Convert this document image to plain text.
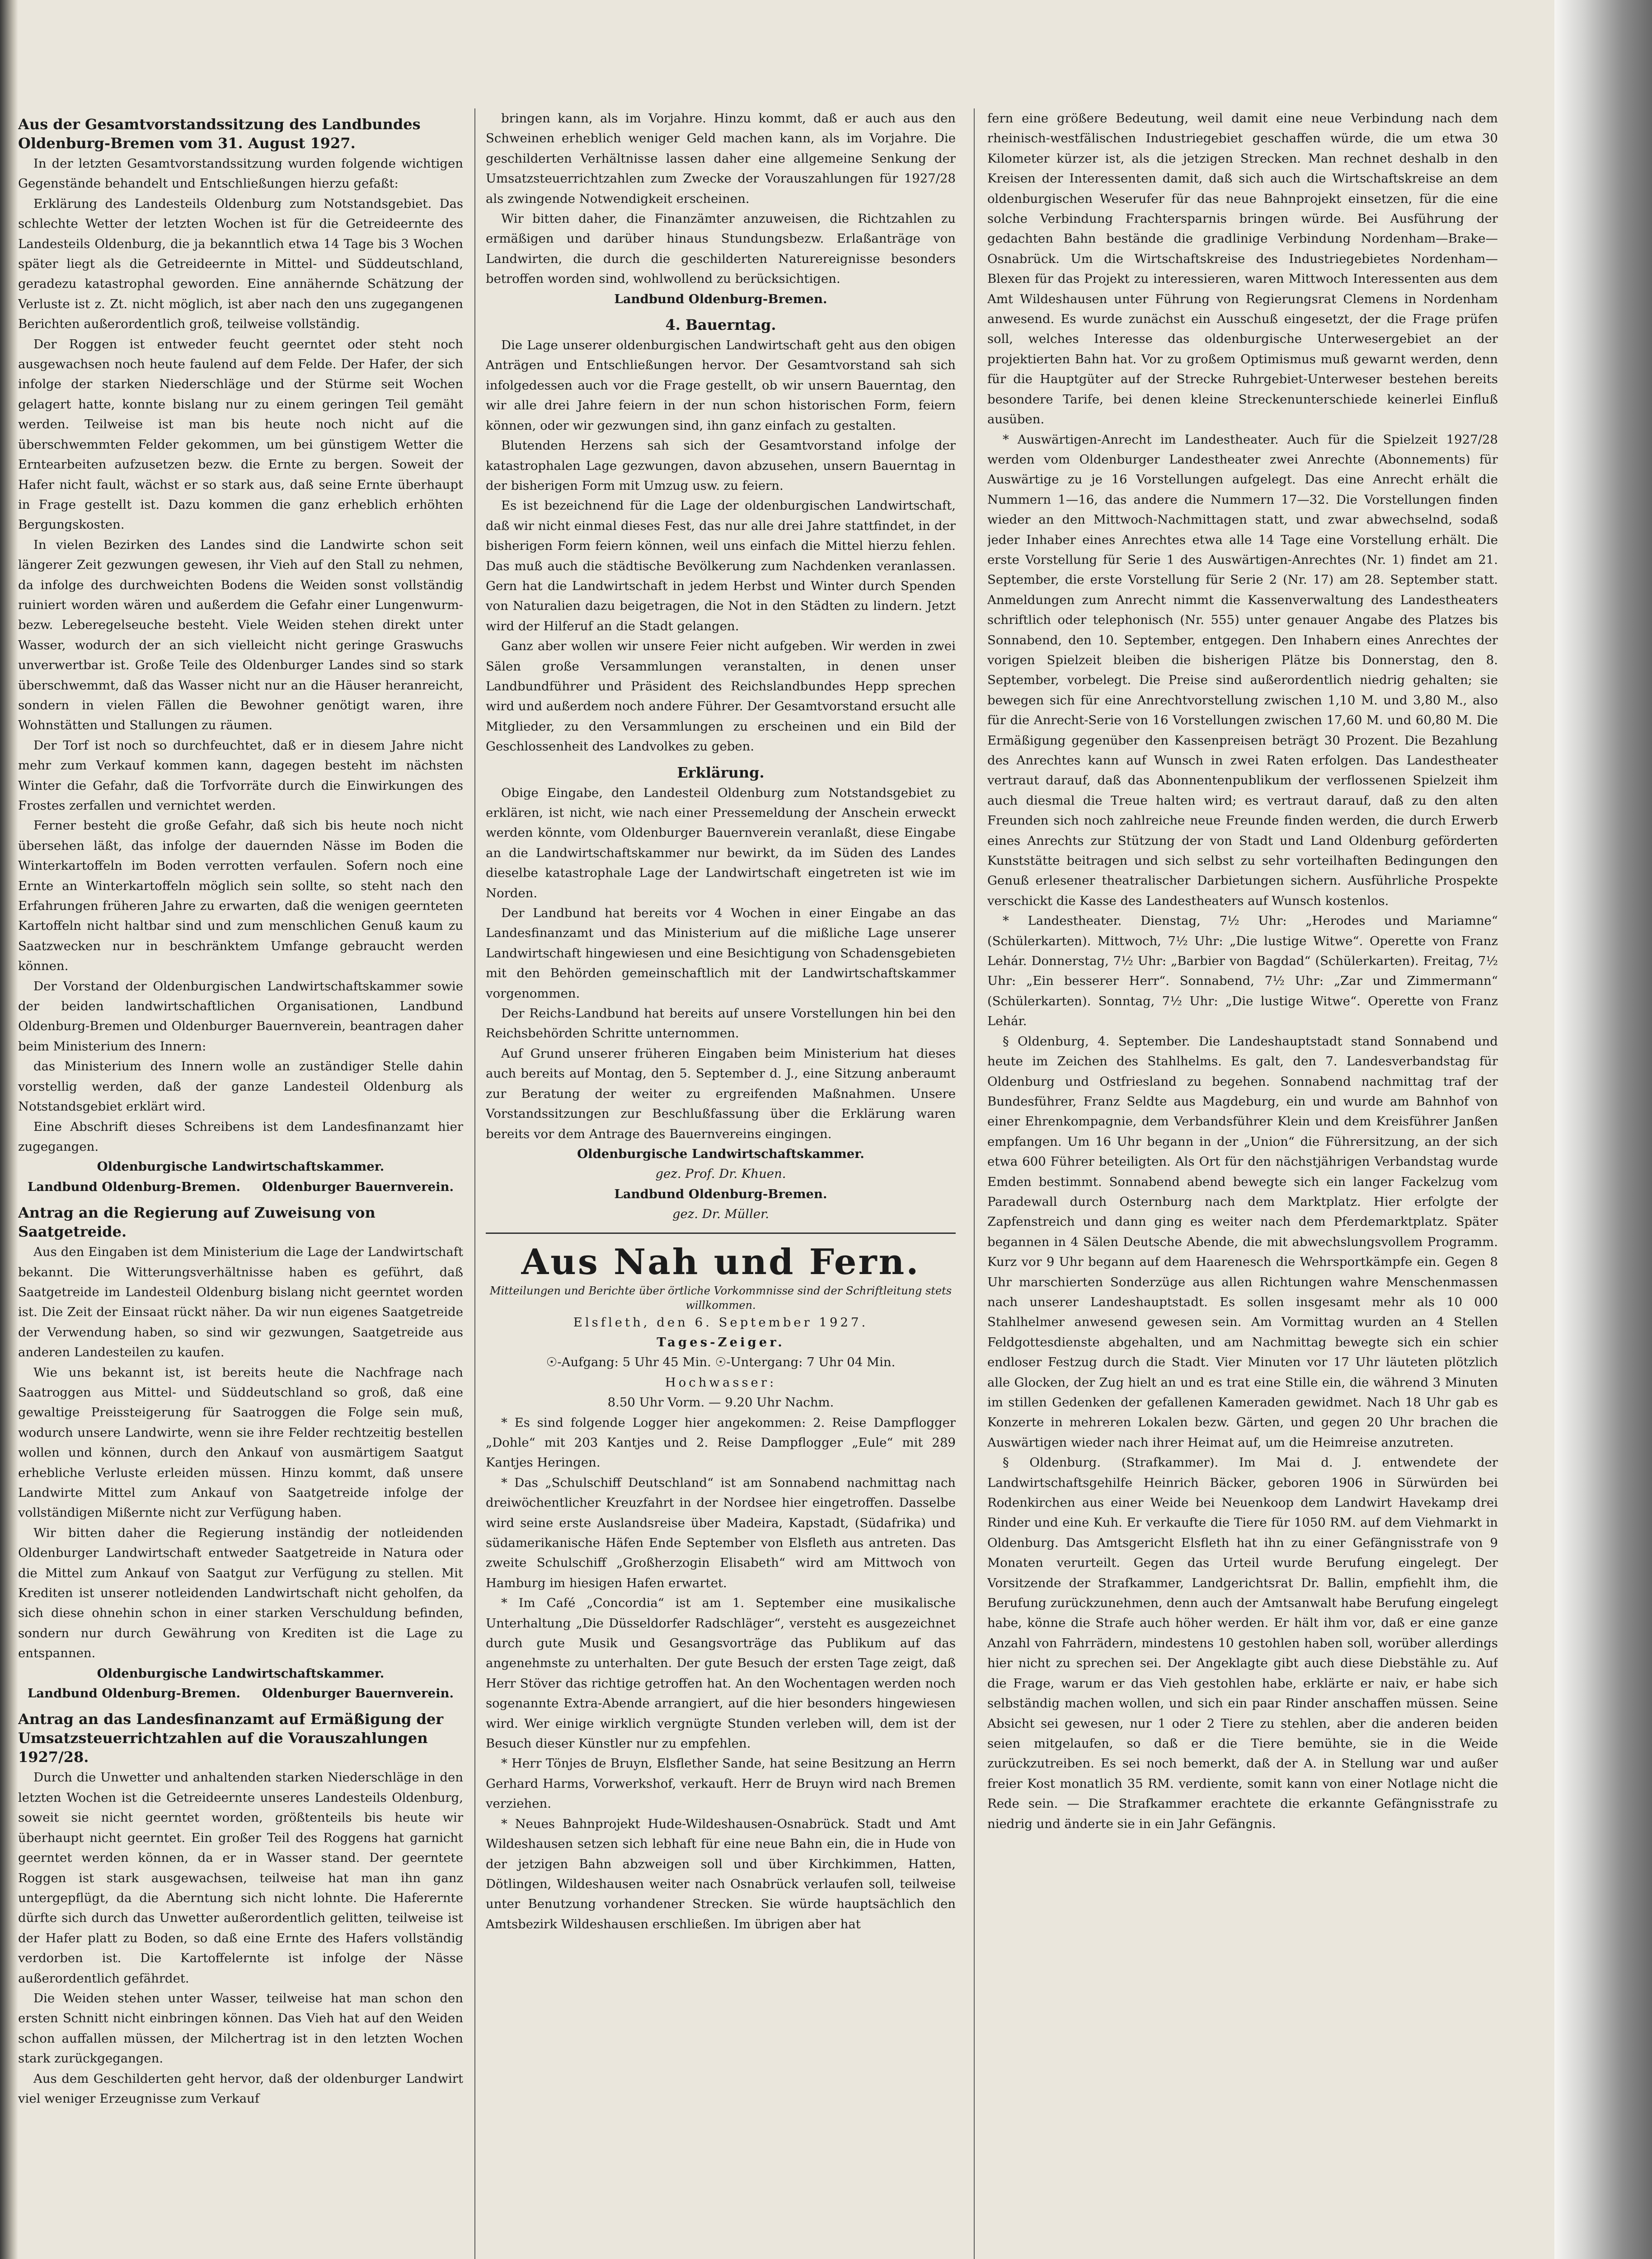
Aus der Gesamtvorstandssitzung des Landbundes Oldenburg-Bremen vom 31. August 1927.

In der letzten Gesamtvorstandssitzung wurden folgende wichtigen Gegenstände behandelt und Entschließungen hierzu gefaßt:

Erklärung des Landesteils Oldenburg zum Notstandsgebiet. Das schlechte Wetter der letzten Wochen ist für die Getreideernte des Landesteils Oldenburg, die ja bekanntlich etwa 14 Tage bis 3 Wochen später liegt als die Getreideernte in Mittel- und Süddeutschland, geradezu katastrophal geworden. Eine annähernde Schätzung der Verluste ist z. Zt. nicht möglich, ist aber nach den uns zugegangenen Berichten außerordentlich groß, teilweise vollständig.

Der Roggen ist entweder feucht geerntet oder steht noch ausgewachsen noch heute faulend auf dem Felde. Der Hafer, der sich infolge der starken Niederschläge und der Stürme seit Wochen gelagert hatte, konnte bislang nur zu einem geringen Teil gemäht werden. Teilweise ist man bis heute noch nicht auf die überschwemmten Felder gekommen, um bei günstigem Wetter die Erntearbeiten aufzusetzen bezw. die Ernte zu bergen. Soweit der Hafer nicht fault, wächst er so stark aus, daß seine Ernte überhaupt in Frage gestellt ist. Dazu kommen die ganz erheblich erhöhten Bergungskosten.

In vielen Bezirken des Landes sind die Landwirte schon seit längerer Zeit gezwungen gewesen, ihr Vieh auf den Stall zu nehmen, da infolge des durchweichten Bodens die Weiden sonst vollständig ruiniert worden wären und außerdem die Gefahr einer Lungenwurm- bezw. Leberegelseuche besteht. Viele Weiden stehen direkt unter Wasser, wodurch der an sich vielleicht nicht geringe Graswuchs unverwertbar ist. Große Teile des Oldenburger Landes sind so stark überschwemmt, daß das Wasser nicht nur an die Häuser heranreicht, sondern in vielen Fällen die Bewohner genötigt waren, ihre Wohnstätten und Stallungen zu räumen.

Der Torf ist noch so durchfeuchtet, daß er in diesem Jahre nicht mehr zum Verkauf kommen kann, dagegen besteht im nächsten Winter die Gefahr, daß die Torfvorräte durch die Einwirkungen des Frostes zerfallen und vernichtet werden.

Ferner besteht die große Gefahr, daß sich bis heute noch nicht übersehen läßt, das infolge der dauernden Nässe im Boden die Winterkartoffeln im Boden verrotten verfaulen. Sofern noch eine Ernte an Winterkartoffeln möglich sein sollte, so steht nach den Erfahrungen früheren Jahre zu erwarten, daß die wenigen geernteten Kartoffeln nicht haltbar sind und zum menschlichen Genuß kaum zu Saatzwecken nur in beschränktem Umfange gebraucht werden können.

Der Vorstand der Oldenburgischen Landwirtschaftskammer sowie der beiden landwirtschaftlichen Organisationen, Landbund Oldenburg-Bremen und Oldenburger Bauernverein, beantragen daher beim Ministerium des Innern:

das Ministerium des Innern wolle an zuständiger Stelle dahin vorstellig werden, daß der ganze Landesteil Oldenburg als Notstandsgebiet erklärt wird.

Eine Abschrift dieses Schreibens ist dem Landesfinanzamt hier zugegangen.

Oldenburgische Landwirtschaftskammer.

Landbund Oldenburg-Bremen. Oldenburger Bauernverein.

Antrag an die Regierung auf Zuweisung von Saatgetreide.

Aus den Eingaben ist dem Ministerium die Lage der Landwirtschaft bekannt. Die Witterungsverhältnisse haben es geführt, daß Saatgetreide im Landesteil Oldenburg bislang nicht geerntet worden ist. Die Zeit der Einsaat rückt näher. Da wir nun eigenes Saatgetreide der Verwendung haben, so sind wir gezwungen, Saatgetreide aus anderen Landesteilen zu kaufen.

Wie uns bekannt ist, ist bereits heute die Nachfrage nach Saatroggen aus Mittel- und Süddeutschland so groß, daß eine gewaltige Preissteigerung für Saatroggen die Folge sein muß, wodurch unsere Landwirte, wenn sie ihre Felder rechtzeitig bestellen wollen und können, durch den Ankauf von ausmärtigem Saatgut erhebliche Verluste erleiden müssen. Hinzu kommt, daß unsere Landwirte Mittel zum Ankauf von Saatgetreide infolge der vollständigen Mißernte nicht zur Verfügung haben.

Wir bitten daher die Regierung inständig der notleidenden Oldenburger Landwirtschaft entweder Saatgetreide in Natura oder die Mittel zum Ankauf von Saatgut zur Verfügung zu stellen. Mit Krediten ist unserer notleidenden Landwirtschaft nicht geholfen, da sich diese ohnehin schon in einer starken Verschuldung befinden, sondern nur durch Gewährung von Krediten ist die Lage zu entspannen.

Oldenburgische Landwirtschaftskammer.

Landbund Oldenburg-Bremen. Oldenburger Bauernverein.

Antrag an das Landesfinanzamt auf Ermäßigung der Umsatzsteuerrichtzahlen auf die Vorauszahlungen 1927/28.

Durch die Unwetter und anhaltenden starken Niederschläge in den letzten Wochen ist die Getreideernte unseres Landesteils Oldenburg, soweit sie nicht geerntet worden, größtenteils bis heute wir überhaupt nicht geerntet. Ein großer Teil des Roggens hat garnicht geerntet werden können, da er in Wasser stand. Der geerntete Roggen ist stark ausgewachsen, teilweise hat man ihn ganz untergepflügt, da die Aberntung sich nicht lohnte. Die Haferernte dürfte sich durch das Unwetter außerordentlich gelitten, teilweise ist der Hafer platt zu Boden, so daß eine Ernte des Hafers vollständig verdorben ist. Die Kartoffelernte ist infolge der Nässe außerordentlich gefährdet.

Die Weiden stehen unter Wasser, teilweise hat man schon den ersten Schnitt nicht einbringen können. Das Vieh hat auf den Weiden schon auffallen müssen, der Milchertrag ist in den letzten Wochen stark zurückgegangen.

Aus dem Geschilderten geht hervor, daß der oldenburger Landwirt viel weniger Erzeugnisse zum Verkauf

bringen kann, als im Vorjahre. Hinzu kommt, daß er auch aus den Schweinen erheblich weniger Geld machen kann, als im Vorjahre. Die geschilderten Verhältnisse lassen daher eine allgemeine Senkung der Umsatzsteuerrichtzahlen zum Zwecke der Vorauszahlungen für 1927/28 als zwingende Notwendigkeit erscheinen.

Wir bitten daher, die Finanzämter anzuweisen, die Richtzahlen zu ermäßigen und darüber hinaus Stundungsbezw. Erlaßanträge von Landwirten, die durch die geschilderten Naturereignisse besonders betroffen worden sind, wohlwollend zu berücksichtigen.

Landbund Oldenburg-Bremen.

4. Bauerntag.

Die Lage unserer oldenburgischen Landwirtschaft geht aus den obigen Anträgen und Entschließungen hervor. Der Gesamtvorstand sah sich infolgedessen auch vor die Frage gestellt, ob wir unsern Bauerntag, den wir alle drei Jahre feiern in der nun schon historischen Form, feiern können, oder wir gezwungen sind, ihn ganz einfach zu gestalten.

Blutenden Herzens sah sich der Gesamtvorstand infolge der katastrophalen Lage gezwungen, davon abzusehen, unsern Bauerntag in der bisherigen Form mit Umzug usw. zu feiern.

Es ist bezeichnend für die Lage der oldenburgischen Landwirtschaft, daß wir nicht einmal dieses Fest, das nur alle drei Jahre stattfindet, in der bisherigen Form feiern können, weil uns einfach die Mittel hierzu fehlen. Das muß auch die städtische Bevölkerung zum Nachdenken veranlassen. Gern hat die Landwirtschaft in jedem Herbst und Winter durch Spenden von Naturalien dazu beigetragen, die Not in den Städten zu lindern. Jetzt wird der Hilferuf an die Stadt gelangen.

Ganz aber wollen wir unsere Feier nicht aufgeben. Wir werden in zwei Sälen große Versammlungen veranstalten, in denen unser Landbundführer und Präsident des Reichslandbundes Hepp sprechen wird und außerdem noch andere Führer. Der Gesamtvorstand ersucht alle Mitglieder, zu den Versammlungen zu erscheinen und ein Bild der Geschlossenheit des Landvolkes zu geben.

Erklärung.

Obige Eingabe, den Landesteil Oldenburg zum Notstandsgebiet zu erklären, ist nicht, wie nach einer Pressemeldung der Anschein erweckt werden könnte, vom Oldenburger Bauernverein veranlaßt, diese Eingabe an die Landwirtschaftskammer nur bewirkt, da im Süden des Landes dieselbe katastrophale Lage der Landwirtschaft eingetreten ist wie im Norden.

Der Landbund hat bereits vor 4 Wochen in einer Eingabe an das Landesfinanzamt und das Ministerium auf die mißliche Lage unserer Landwirtschaft hingewiesen und eine Besichtigung von Schadensgebieten mit den Behörden gemeinschaftlich mit der Landwirtschaftskammer vorgenommen.

Der Reichs-Landbund hat bereits auf unsere Vorstellungen hin bei den Reichsbehörden Schritte unternommen.

Auf Grund unserer früheren Eingaben beim Ministerium hat dieses auch bereits auf Montag, den 5. September d. J., eine Sitzung anberaumt zur Beratung der weiter zu ergreifenden Maßnahmen. Unsere Vorstandssitzungen zur Beschlußfassung über die Erklärung waren bereits vor dem Antrage des Bauernvereins eingingen.

Oldenburgische Landwirtschaftskammer.

gez. Prof. Dr. Khuen.

Landbund Oldenburg-Bremen.

gez. Dr. Müller.

Aus Nah und Fern.

Mitteilungen und Berichte über örtliche Vorkommnisse sind der Schriftleitung stets willkommen.

Elsfleth, den 6. September 1927.

Tages-Zeiger.

☉-Aufgang: 5 Uhr 45 Min. ☉-Untergang: 7 Uhr 04 Min.

Hochwasser:

8.50 Uhr Vorm. — 9.20 Uhr Nachm.

* Es sind folgende Logger hier angekommen: 2. Reise Dampflogger „Dohle“ mit 203 Kantjes und 2. Reise Dampflogger „Eule“ mit 289 Kantjes Heringen.

* Das „Schulschiff Deutschland“ ist am Sonnabend nachmittag nach dreiwöchentlicher Kreuzfahrt in der Nordsee hier eingetroffen. Dasselbe wird seine erste Auslandsreise über Madeira, Kapstadt, (Südafrika) und südamerikanische Häfen Ende September von Elsfleth aus antreten. Das zweite Schulschiff „Großherzogin Elisabeth“ wird am Mittwoch von Hamburg im hiesigen Hafen erwartet.

* Im Café „Concordia“ ist am 1. September eine musikalische Unterhaltung „Die Düsseldorfer Radschläger“, versteht es ausgezeichnet durch gute Musik und Gesangsvorträge das Publikum auf das angenehmste zu unterhalten. Der gute Besuch der ersten Tage zeigt, daß Herr Stöver das richtige getroffen hat. An den Wochentagen werden noch sogenannte Extra-Abende arrangiert, auf die hier besonders hingewiesen wird. Wer einige wirklich vergnügte Stunden verleben will, dem ist der Besuch dieser Künstler nur zu empfehlen.

* Herr Tönjes de Bruyn, Elsflether Sande, hat seine Besitzung an Herrn Gerhard Harms, Vorwerkshof, verkauft. Herr de Bruyn wird nach Bremen verziehen.

* Neues Bahnprojekt Hude-Wildeshausen-Osnabrück. Stadt und Amt Wildeshausen setzen sich lebhaft für eine neue Bahn ein, die in Hude von der jetzigen Bahn abzweigen soll und über Kirchkimmen, Hatten, Dötlingen, Wildeshausen weiter nach Osnabrück verlaufen soll, teilweise unter Benutzung vorhandener Strecken. Sie würde hauptsächlich den Amtsbezirk Wildeshausen erschließen. Im übrigen aber hat

fern eine größere Bedeutung, weil damit eine neue Verbindung nach dem rheinisch-westfälischen Industriegebiet geschaffen würde, die um etwa 30 Kilometer kürzer ist, als die jetzigen Strecken. Man rechnet deshalb in den Kreisen der Interessenten damit, daß sich auch die Wirtschaftskreise an dem oldenburgischen Weserufer für das neue Bahnprojekt einsetzen, für die eine solche Verbindung Frachtersparnis bringen würde. Bei Ausführung der gedachten Bahn bestände die gradlinige Verbindung Nordenham—Brake—Osnabrück. Um die Wirtschaftskreise des Industriegebietes Nordenham—Blexen für das Projekt zu interessieren, waren Mittwoch Interessenten aus dem Amt Wildeshausen unter Führung von Regierungsrat Clemens in Nordenham anwesend. Es wurde zunächst ein Ausschuß eingesetzt, der die Frage prüfen soll, welches Interesse das oldenburgische Unterwesergebiet an der projektierten Bahn hat. Vor zu großem Optimismus muß gewarnt werden, denn für die Hauptgüter auf der Strecke Ruhrgebiet-Unterweser bestehen bereits besondere Tarife, bei denen kleine Streckenunterschiede keinerlei Einfluß ausüben.

* Auswärtigen-Anrecht im Landestheater. Auch für die Spielzeit 1927/28 werden vom Oldenburger Landestheater zwei Anrechte (Abonnements) für Auswärtige zu je 16 Vorstellungen aufgelegt. Das eine Anrecht erhält die Nummern 1—16, das andere die Nummern 17—32. Die Vorstellungen finden wieder an den Mittwoch-Nachmittagen statt, und zwar abwechselnd, sodaß jeder Inhaber eines Anrechtes etwa alle 14 Tage eine Vorstellung erhält. Die erste Vorstellung für Serie 1 des Auswärtigen-Anrechtes (Nr. 1) findet am 21. September, die erste Vorstellung für Serie 2 (Nr. 17) am 28. September statt. Anmeldungen zum Anrecht nimmt die Kassenverwaltung des Landestheaters schriftlich oder telephonisch (Nr. 555) unter genauer Angabe des Platzes bis Sonnabend, den 10. September, entgegen. Den Inhabern eines Anrechtes der vorigen Spielzeit bleiben die bisherigen Plätze bis Donnerstag, den 8. September, vorbelegt. Die Preise sind außerordentlich niedrig gehalten; sie bewegen sich für eine Anrechtvorstellung zwischen 1,10 M. und 3,80 M., also für die Anrecht-Serie von 16 Vorstellungen zwischen 17,60 M. und 60,80 M. Die Ermäßigung gegenüber den Kassenpreisen beträgt 30 Prozent. Die Bezahlung des Anrechtes kann auf Wunsch in zwei Raten erfolgen. Das Landestheater vertraut darauf, daß das Abonnentenpublikum der verflossenen Spielzeit ihm auch diesmal die Treue halten wird; es vertraut darauf, daß zu den alten Freunden sich noch zahlreiche neue Freunde finden werden, die durch Erwerb eines Anrechts zur Stützung der von Stadt und Land Oldenburg geförderten Kunststätte beitragen und sich selbst zu sehr vorteilhaften Bedingungen den Genuß erlesener theatralischer Darbietungen sichern. Ausführliche Prospekte verschickt die Kasse des Landestheaters auf Wunsch kostenlos.

* Landestheater. Dienstag, 7½ Uhr: „Herodes und Mariamne“ (Schülerkarten). Mittwoch, 7½ Uhr: „Die lustige Witwe“. Operette von Franz Lehár. Donnerstag, 7½ Uhr: „Barbier von Bagdad“ (Schülerkarten). Freitag, 7½ Uhr: „Ein besserer Herr“. Sonnabend, 7½ Uhr: „Zar und Zimmermann“ (Schülerkarten). Sonntag, 7½ Uhr: „Die lustige Witwe“. Operette von Franz Lehár.

§ Oldenburg, 4. September. Die Landeshauptstadt stand Sonnabend und heute im Zeichen des Stahlhelms. Es galt, den 7. Landesverbandstag für Oldenburg und Ostfriesland zu begehen. Sonnabend nachmittag traf der Bundesführer, Franz Seldte aus Magdeburg, ein und wurde am Bahnhof von einer Ehrenkompagnie, dem Verbandsführer Klein und dem Kreisführer Janßen empfangen. Um 16 Uhr begann in der „Union“ die Führersitzung, an der sich etwa 600 Führer beteiligten. Als Ort für den nächstjährigen Verbandstag wurde Emden bestimmt. Sonnabend abend bewegte sich ein langer Fackelzug vom Paradewall durch Osternburg nach dem Marktplatz. Hier erfolgte der Zapfenstreich und dann ging es weiter nach dem Pferdemarktplatz. Später begannen in 4 Sälen Deutsche Abende, die mit abwechslungsvollem Programm. Kurz vor 9 Uhr begann auf dem Haarenesch die Wehrsportkämpfe ein. Gegen 8 Uhr marschierten Sonderzüge aus allen Richtungen wahre Menschenmassen nach unserer Landeshauptstadt. Es sollen insgesamt mehr als 10 000 Stahlhelmer anwesend gewesen sein. Am Vormittag wurden an 4 Stellen Feldgottesdienste abgehalten, und am Nachmittag bewegte sich ein schier endloser Festzug durch die Stadt. Vier Minuten vor 17 Uhr läuteten plötzlich alle Glocken, der Zug hielt an und es trat eine Stille ein, die während 3 Minuten im stillen Gedenken der gefallenen Kameraden gewidmet. Nach 18 Uhr gab es Konzerte in mehreren Lokalen bezw. Gärten, und gegen 20 Uhr brachen die Auswärtigen wieder nach ihrer Heimat auf, um die Heimreise anzutreten.

§ Oldenburg. (Strafkammer). Im Mai d. J. entwendete der Landwirtschaftsgehilfe Heinrich Bäcker, geboren 1906 in Sürwürden bei Rodenkirchen aus einer Weide bei Neuenkoop dem Landwirt Havekamp drei Rinder und eine Kuh. Er verkaufte die Tiere für 1050 RM. auf dem Viehmarkt in Oldenburg. Das Amtsgericht Elsfleth hat ihn zu einer Gefängnisstrafe von 9 Monaten verurteilt. Gegen das Urteil wurde Berufung eingelegt. Der Vorsitzende der Strafkammer, Landgerichtsrat Dr. Ballin, empfiehlt ihm, die Berufung zurückzunehmen, denn auch der Amtsanwalt habe Berufung eingelegt habe, könne die Strafe auch höher werden. Er hält ihm vor, daß er eine ganze Anzahl von Fahrrädern, mindestens 10 gestohlen haben soll, worüber allerdings hier nicht zu sprechen sei. Der Angeklagte gibt auch diese Diebstähle zu. Auf die Frage, warum er das Vieh gestohlen habe, erklärte er naiv, er habe sich selbständig machen wollen, und sich ein paar Rinder anschaffen müssen. Seine Absicht sei gewesen, nur 1 oder 2 Tiere zu stehlen, aber die anderen beiden seien mitgelaufen, so daß er die Tiere bemühte, sie in die Weide zurückzutreiben. Es sei noch bemerkt, daß der A. in Stellung war und außer freier Kost monatlich 35 RM. verdiente, somit kann von einer Notlage nicht die Rede sein. — Die Strafkammer erachtete die erkannte Gefängnisstrafe zu niedrig und änderte sie in ein Jahr Gefängnis.
